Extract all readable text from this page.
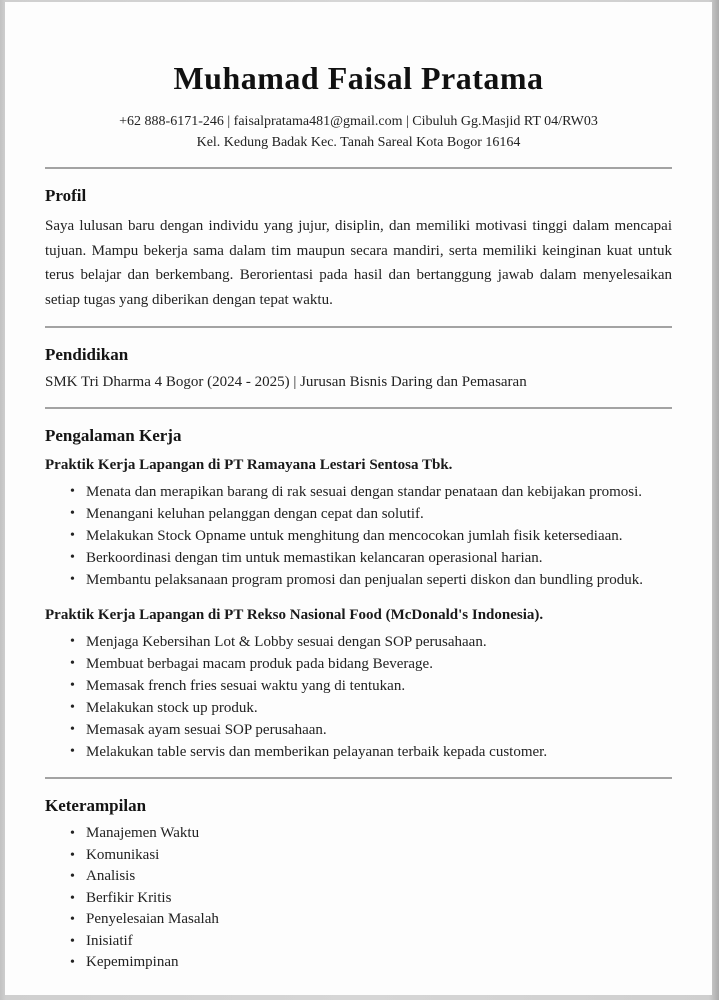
Muhamad Faisal Pratama

+62 888-6171-246 | faisalpratama481@gmail.com | Cibuluh Gg.Masjid RT 04/RW03
Kel. Kedung Badak Kec. Tanah Sareal Kota Bogor 16164

Profil

Saya lulusan baru dengan individu yang jujur, disiplin, dan memiliki motivasi tinggi dalam mencapai tujuan. Mampu bekerja sama dalam tim maupun secara mandiri, serta memiliki keinginan kuat untuk terus belajar dan berkembang. Berorientasi pada hasil dan bertanggung jawab dalam menyelesaikan setiap tugas yang diberikan dengan tepat waktu.

Pendidikan

SMK Tri Dharma 4 Bogor (2024 - 2025) | Jurusan Bisnis Daring dan Pemasaran

Pengalaman Kerja
Praktik Kerja Lapangan di PT Ramayana Lestari Sentosa Tbk.
• Menata dan merapikan barang di rak sesuai dengan standar penataan dan kebijakan promosi.
• Menangani keluhan pelanggan dengan cepat dan solutif.
• Melakukan Stock Opname untuk menghitung dan mencocokan jumlah fisik ketersediaan.
• Berkoordinasi dengan tim untuk memastikan kelancaran operasional harian.
• Membantu pelaksanaan program promosi dan penjualan seperti diskon dan bundling produk.
Praktik Kerja Lapangan di PT Rekso Nasional Food (McDonald's Indonesia).
• Menjaga Kebersihan Lot & Lobby sesuai dengan SOP perusahaan.
• Membuat berbagai macam produk pada bidang Beverage.
• Memasak french fries sesuai waktu yang di tentukan.
• Melakukan stock up produk.
• Memasak ayam sesuai SOP perusahaan.
• Melakukan table servis dan memberikan pelayanan terbaik kepada customer.
Keterampilan
• Manajemen Waktu
• Komunikasi
• Analisis
• Berfikir Kritis
• Penyelesaian Masalah
• Inisiatif
• Kepemimpinan
